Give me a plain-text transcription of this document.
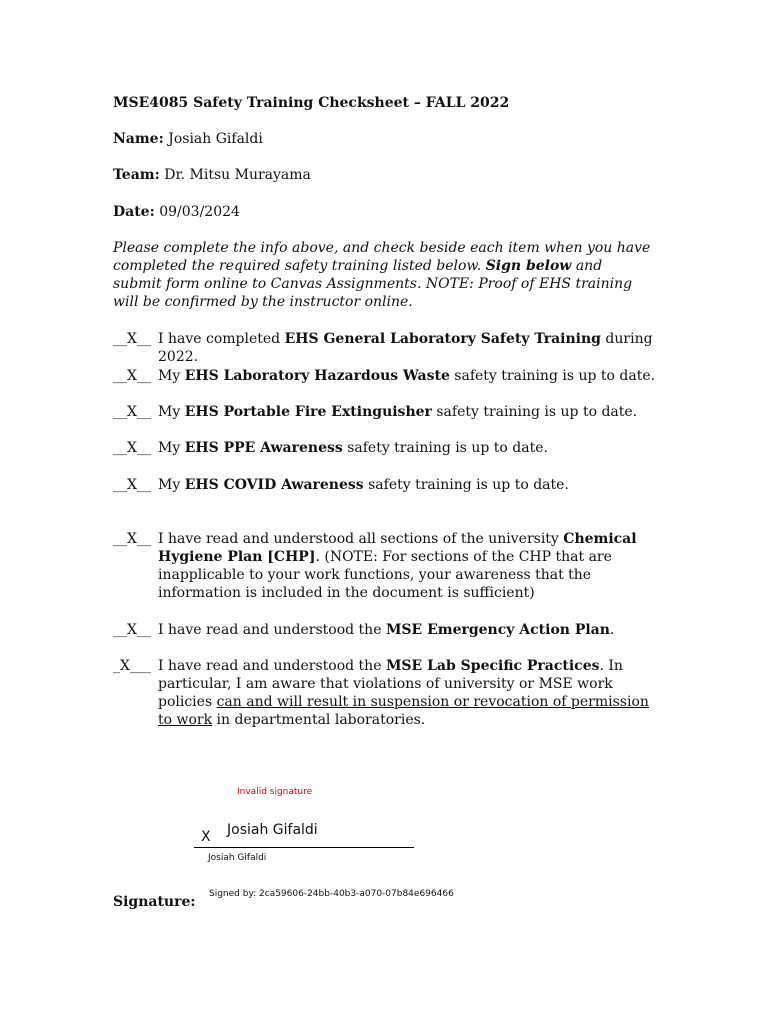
MSE4085 Safety Training Checksheet – FALL 2022
Name: Josiah Gifaldi
Team: Dr. Mitsu Murayama
Date: 09/03/2024
Please complete the info above, and check beside each item when you have completed the required safety training listed below. Sign below and submit form online to Canvas Assignments. NOTE: Proof of EHS training will be confirmed by the instructor online.
__X__ I have completed EHS General Laboratory Safety Training during 2022.
__X__ My EHS Laboratory Hazardous Waste safety training is up to date.
__X__ My EHS Portable Fire Extinguisher safety training is up to date.
__X__ My EHS PPE Awareness safety training is up to date.
__X__ My EHS COVID Awareness safety training is up to date.
__X__ I have read and understood all sections of the university Chemical Hygiene Plan [CHP]. (NOTE: For sections of the CHP that are inapplicable to your work functions, your awareness that the information is included in the document is sufficient)
__X__ I have read and understood the MSE Emergency Action Plan.
_X___ I have read and understood the MSE Lab Specific Practices. In particular, I am aware that violations of university or MSE work policies can and will result in suspension or revocation of permission to work in departmental laboratories.
Invalid signature
X Josiah Gifaldi
Josiah Gifaldi
Signed by: 2ca59606-24bb-40b3-a070-07b84e696466
Signature:
